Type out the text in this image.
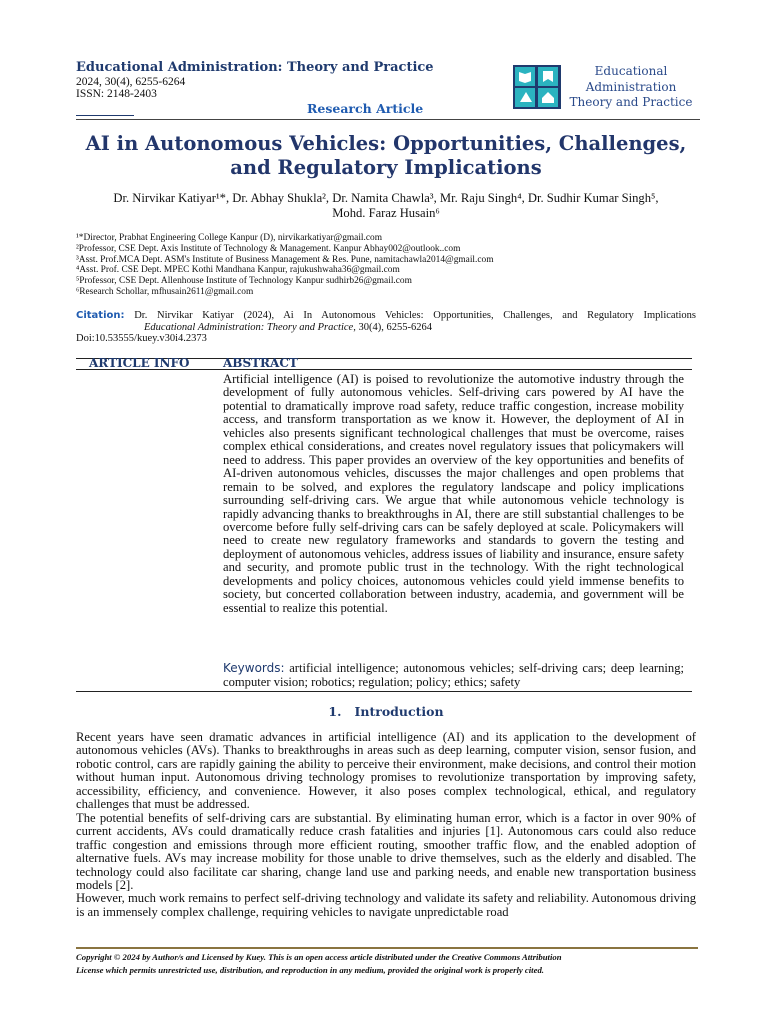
Educational Administration: Theory and Practice
2024, 30(4), 6255-6264
ISSN: 2148-2403
Research Article
Educational
Administration
Theory and Practice
AI in Autonomous Vehicles: Opportunities, Challenges,
and Regulatory Implications
Dr. Nirvikar Katiyar¹*, Dr. Abhay Shukla², Dr. Namita Chawla³, Mr. Raju Singh⁴, Dr. Sudhir Kumar Singh⁵,
Mohd. Faraz Husain⁶
¹*Director, Prabhat Engineering College Kanpur (D), nirvikarkatiyar@gmail.com
²Professor, CSE Dept. Axis Institute of Technology & Management. Kanpur Abhay002@outlook..com
³Asst. Prof.MCA Dept. ASM's Institute of Business Management & Res. Pune, namitachawla2014@gmail.com
⁴Asst. Prof. CSE Dept. MPEC Kothi Mandhana Kanpur, rajukushwaha36@gmail.com
⁵Professor, CSE Dept. Allenhouse Institute of Technology Kanpur sudhirb26@gmail.com
⁶Research Schollar, mfhusain2611@gmail.com
Citation: Dr. Nirvikar Katiyar (2024), Ai In Autonomous Vehicles: Opportunities, Challenges, and Regulatory Implications
Educational Administration: Theory and Practice, 30(4), 6255-6264
Doi:10.53555/kuey.v30i4.2373
ARTICLE INFO	ABSTRACT
Artificial intelligence (AI) is poised to revolutionize the automotive industry through the development of fully autonomous vehicles. Self-driving cars powered by AI have the potential to dramatically improve road safety, reduce traffic congestion, increase mobility access, and transform transportation as we know it. However, the deployment of AI in vehicles also presents significant technological challenges that must be overcome, raises complex ethical considerations, and creates novel regulatory issues that policymakers will need to address. This paper provides an overview of the key opportunities and benefits of AI-driven autonomous vehicles, discusses the major challenges and open problems that remain to be solved, and explores the regulatory landscape and policy implications surrounding self-driving cars. We argue that while autonomous vehicle technology is rapidly advancing thanks to breakthroughs in AI, there are still substantial challenges to be overcome before fully self-driving cars can be safely deployed at scale. Policymakers will need to create new regulatory frameworks and standards to govern the testing and deployment of autonomous vehicles, address issues of liability and insurance, ensure safety and security, and promote public trust in the technology. With the right technological developments and policy choices, autonomous vehicles could yield immense benefits to society, but concerted collaboration between industry, academia, and government will be essential to realize this potential.
Keywords: artificial intelligence; autonomous vehicles; self-driving cars; deep learning; computer vision; robotics; regulation; policy; ethics; safety
1. Introduction

Recent years have seen dramatic advances in artificial intelligence (AI) and its application to the development of autonomous vehicles (AVs). Thanks to breakthroughs in areas such as deep learning, computer vision, sensor fusion, and robotic control, cars are rapidly gaining the ability to perceive their environment, make decisions, and control their motion without human input. Autonomous driving technology promises to revolutionize transportation by improving safety, accessibility, efficiency, and convenience. However, it also poses complex technological, ethical, and regulatory challenges that must be addressed.

The potential benefits of self-driving cars are substantial. By eliminating human error, which is a factor in over 90% of current accidents, AVs could dramatically reduce crash fatalities and injuries [1]. Autonomous cars could also reduce traffic congestion and emissions through more efficient routing, smoother traffic flow, and the enabled adoption of alternative fuels. AVs may increase mobility for those unable to drive themselves, such as the elderly and disabled. The technology could also facilitate car sharing, change land use and parking needs, and enable new transportation business models [2].

However, much work remains to perfect self-driving technology and validate its safety and reliability. Autonomous driving is an immensely complex challenge, requiring vehicles to navigate unpredictable road

Copyright © 2024 by Author/s and Licensed by Kuey. This is an open access article distributed under the Creative Commons Attribution
License which permits unrestricted use, distribution, and reproduction in any medium, provided the original work is properly cited.
